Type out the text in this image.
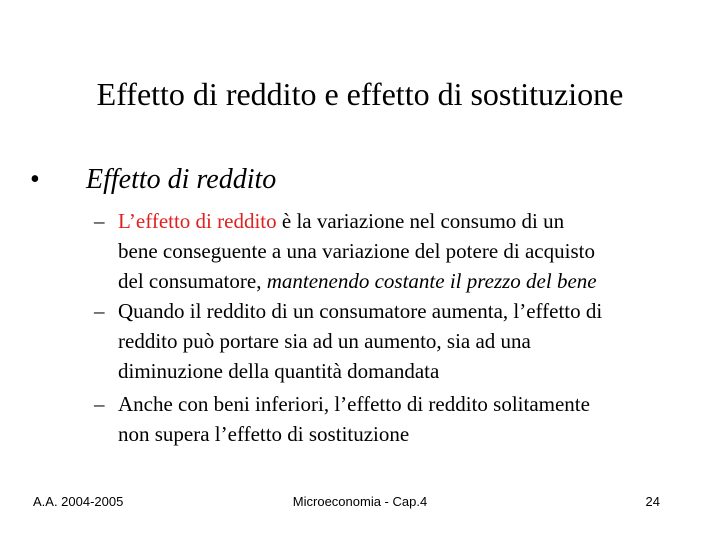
Effetto di reddito e effetto di sostituzione
• Effetto di reddito
– L’effetto di reddito è la variazione nel consumo di un
bene conseguente a una variazione del potere di acquisto
del consumatore, mantenendo costante il prezzo del bene
– Quando il reddito di un consumatore aumenta, l’effetto di
reddito può portare sia ad un aumento, sia ad una
diminuzione della quantità domandata
– Anche con beni inferiori, l’effetto di reddito solitamente
non supera l’effetto di sostituzione
A.A. 2004-2005	Microeconomia - Cap.4	24
